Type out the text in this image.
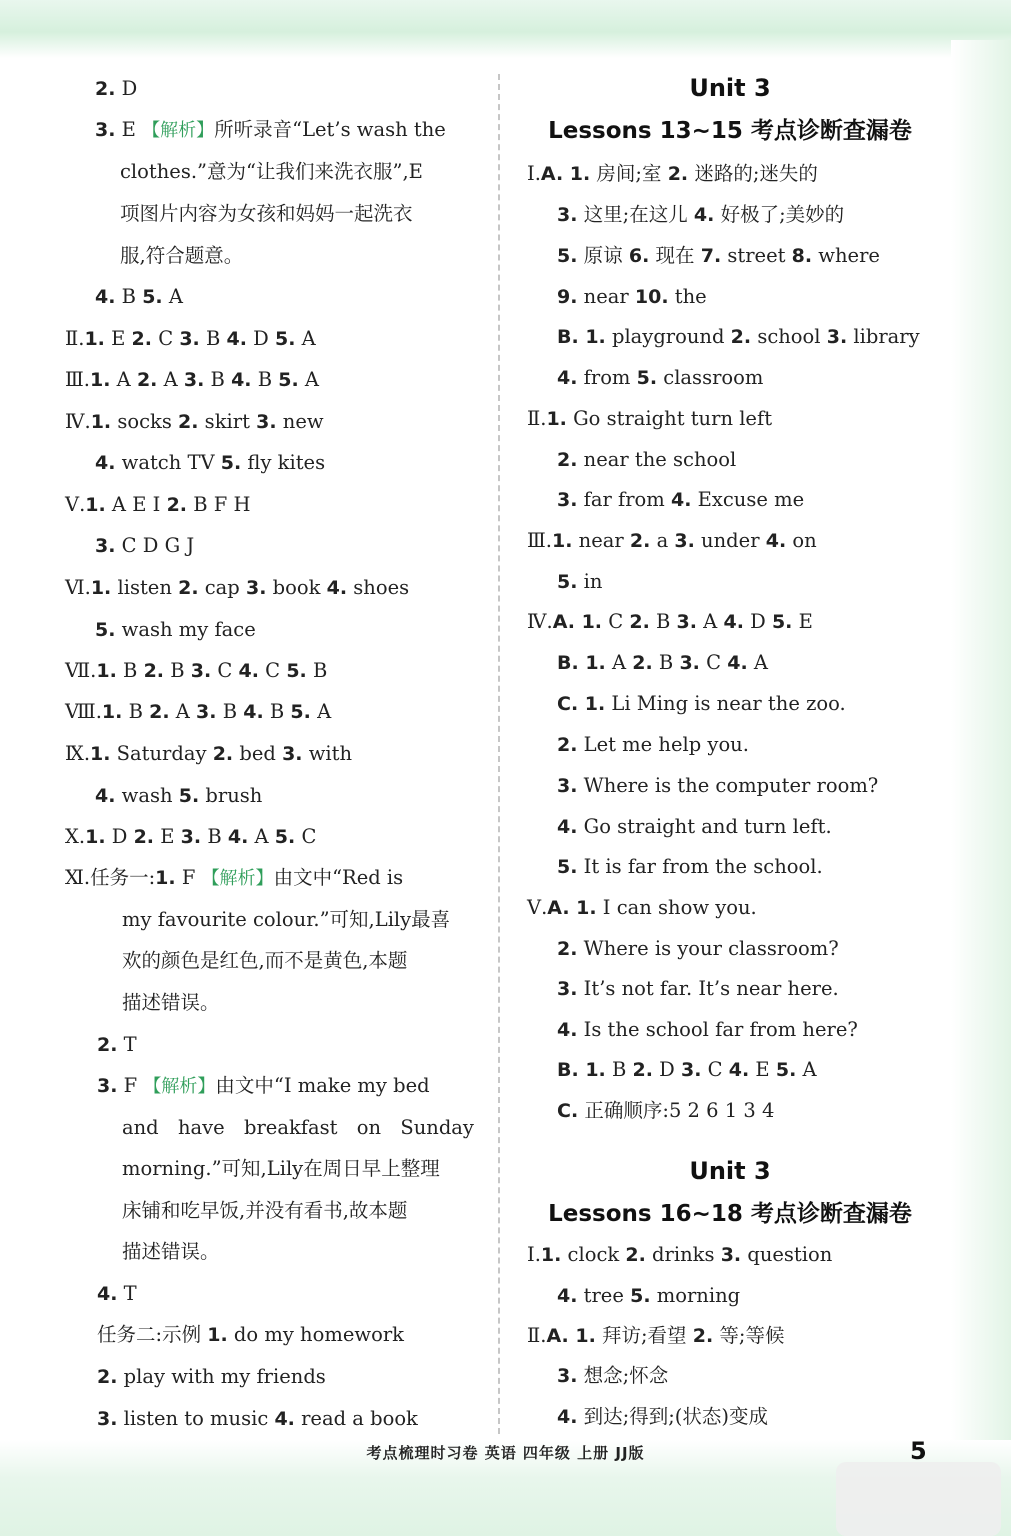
2. D
3. E 【解析】所听录音“Let’s wash the
clothes.”意为“让我们来洗衣服”,E
项图片内容为女孩和妈妈一起洗衣
服,符合题意。
4. B 5. A
Ⅱ.1. E 2. C 3. B 4. D 5. A
Ⅲ.1. A 2. A 3. B 4. B 5. A
Ⅳ.1. socks 2. skirt 3. new
4. watch TV 5. fly kites
Ⅴ.1. A E I 2. B F H
3. C D G J
Ⅵ.1. listen 2. cap 3. book 4. shoes
5. wash my face
Ⅶ.1. B 2. B 3. C 4. C 5. B
Ⅷ.1. B 2. A 3. B 4. B 5. A
Ⅸ.1. Saturday 2. bed 3. with
4. wash 5. brush
Ⅹ.1. D 2. E 3. B 4. A 5. C
Ⅺ.任务一:1. F 【解析】由文中“Red is
my favourite colour.”可知,Lily最喜
欢的颜色是红色,而不是黄色,本题
描述错误。
2. T
3. F 【解析】由文中“I make my bed
and have breakfast on Sunday
morning.”可知,Lily在周日早上整理
床铺和吃早饭,并没有看书,故本题
描述错误。
4. T
任务二:示例 1. do my homework
2. play with my friends
3. listen to music 4. read a book
Ⅰ.A. 1. 房间;室 2. 迷路的;迷失的
3. 这里;在这儿 4. 好极了;美妙的
5. 原谅 6. 现在 7. street 8. where
9. near 10. the
B. 1. playground 2. school 3. library
4. from 5. classroom
Ⅱ.1. Go straight turn left
2. near the school
3. far from 4. Excuse me
Ⅲ.1. near 2. a 3. under 4. on
5. in
Ⅳ.A. 1. C 2. B 3. A 4. D 5. E
B. 1. A 2. B 3. C 4. A
C. 1. Li Ming is near the zoo.
2. Let me help you.
3. Where is the computer room?
4. Go straight and turn left.
5. It is far from the school.
Ⅴ.A. 1. I can show you.
2. Where is your classroom?
3. It’s not far. It’s near here.
4. Is the school far from here?
B. 1. B 2. D 3. C 4. E 5. A
C. 正确顺序:5 2 6 1 3 4
Ⅰ.1. clock 2. drinks 3. question
4. tree 5. morning
Ⅱ.A. 1. 拜访;看望 2. 等;等候
3. 想念;怀念
4. 到达;得到;(状态)变成
Unit 3
Lessons 13~15 考点诊断查漏卷
Unit 3
Lessons 16~18 考点诊断查漏卷
考点梳理时习卷 英语 四年级 上册 JJ版	5
